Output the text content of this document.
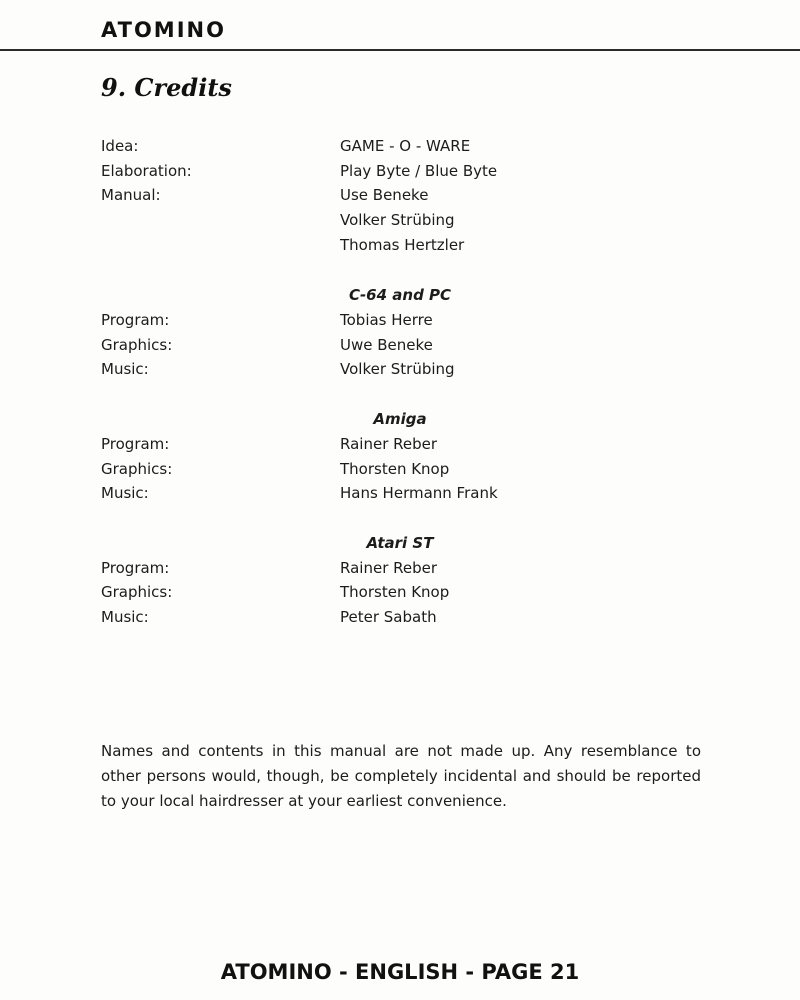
ATOMINO
9. Credits
Idea:	GAME - O - WARE
Elaboration:	Play Byte / Blue Byte
Manual:	Use Beneke
Volker Strübing
Thomas Hertzler
C-64 and PC
Program:	Tobias Herre
Graphics:	Uwe Beneke
Music:	Volker Strübing
Amiga
Program:	Rainer Reber
Graphics:	Thorsten Knop
Music:	Hans Hermann Frank
Atari ST
Program:	Rainer Reber
Graphics:	Thorsten Knop
Music:	Peter Sabath

Names and contents in this manual are not made up. Any resemblance to other persons would, though, be completely incidental and should be reported to your local hairdresser at your earliest convenience.

ATOMINO - ENGLISH - PAGE 21
